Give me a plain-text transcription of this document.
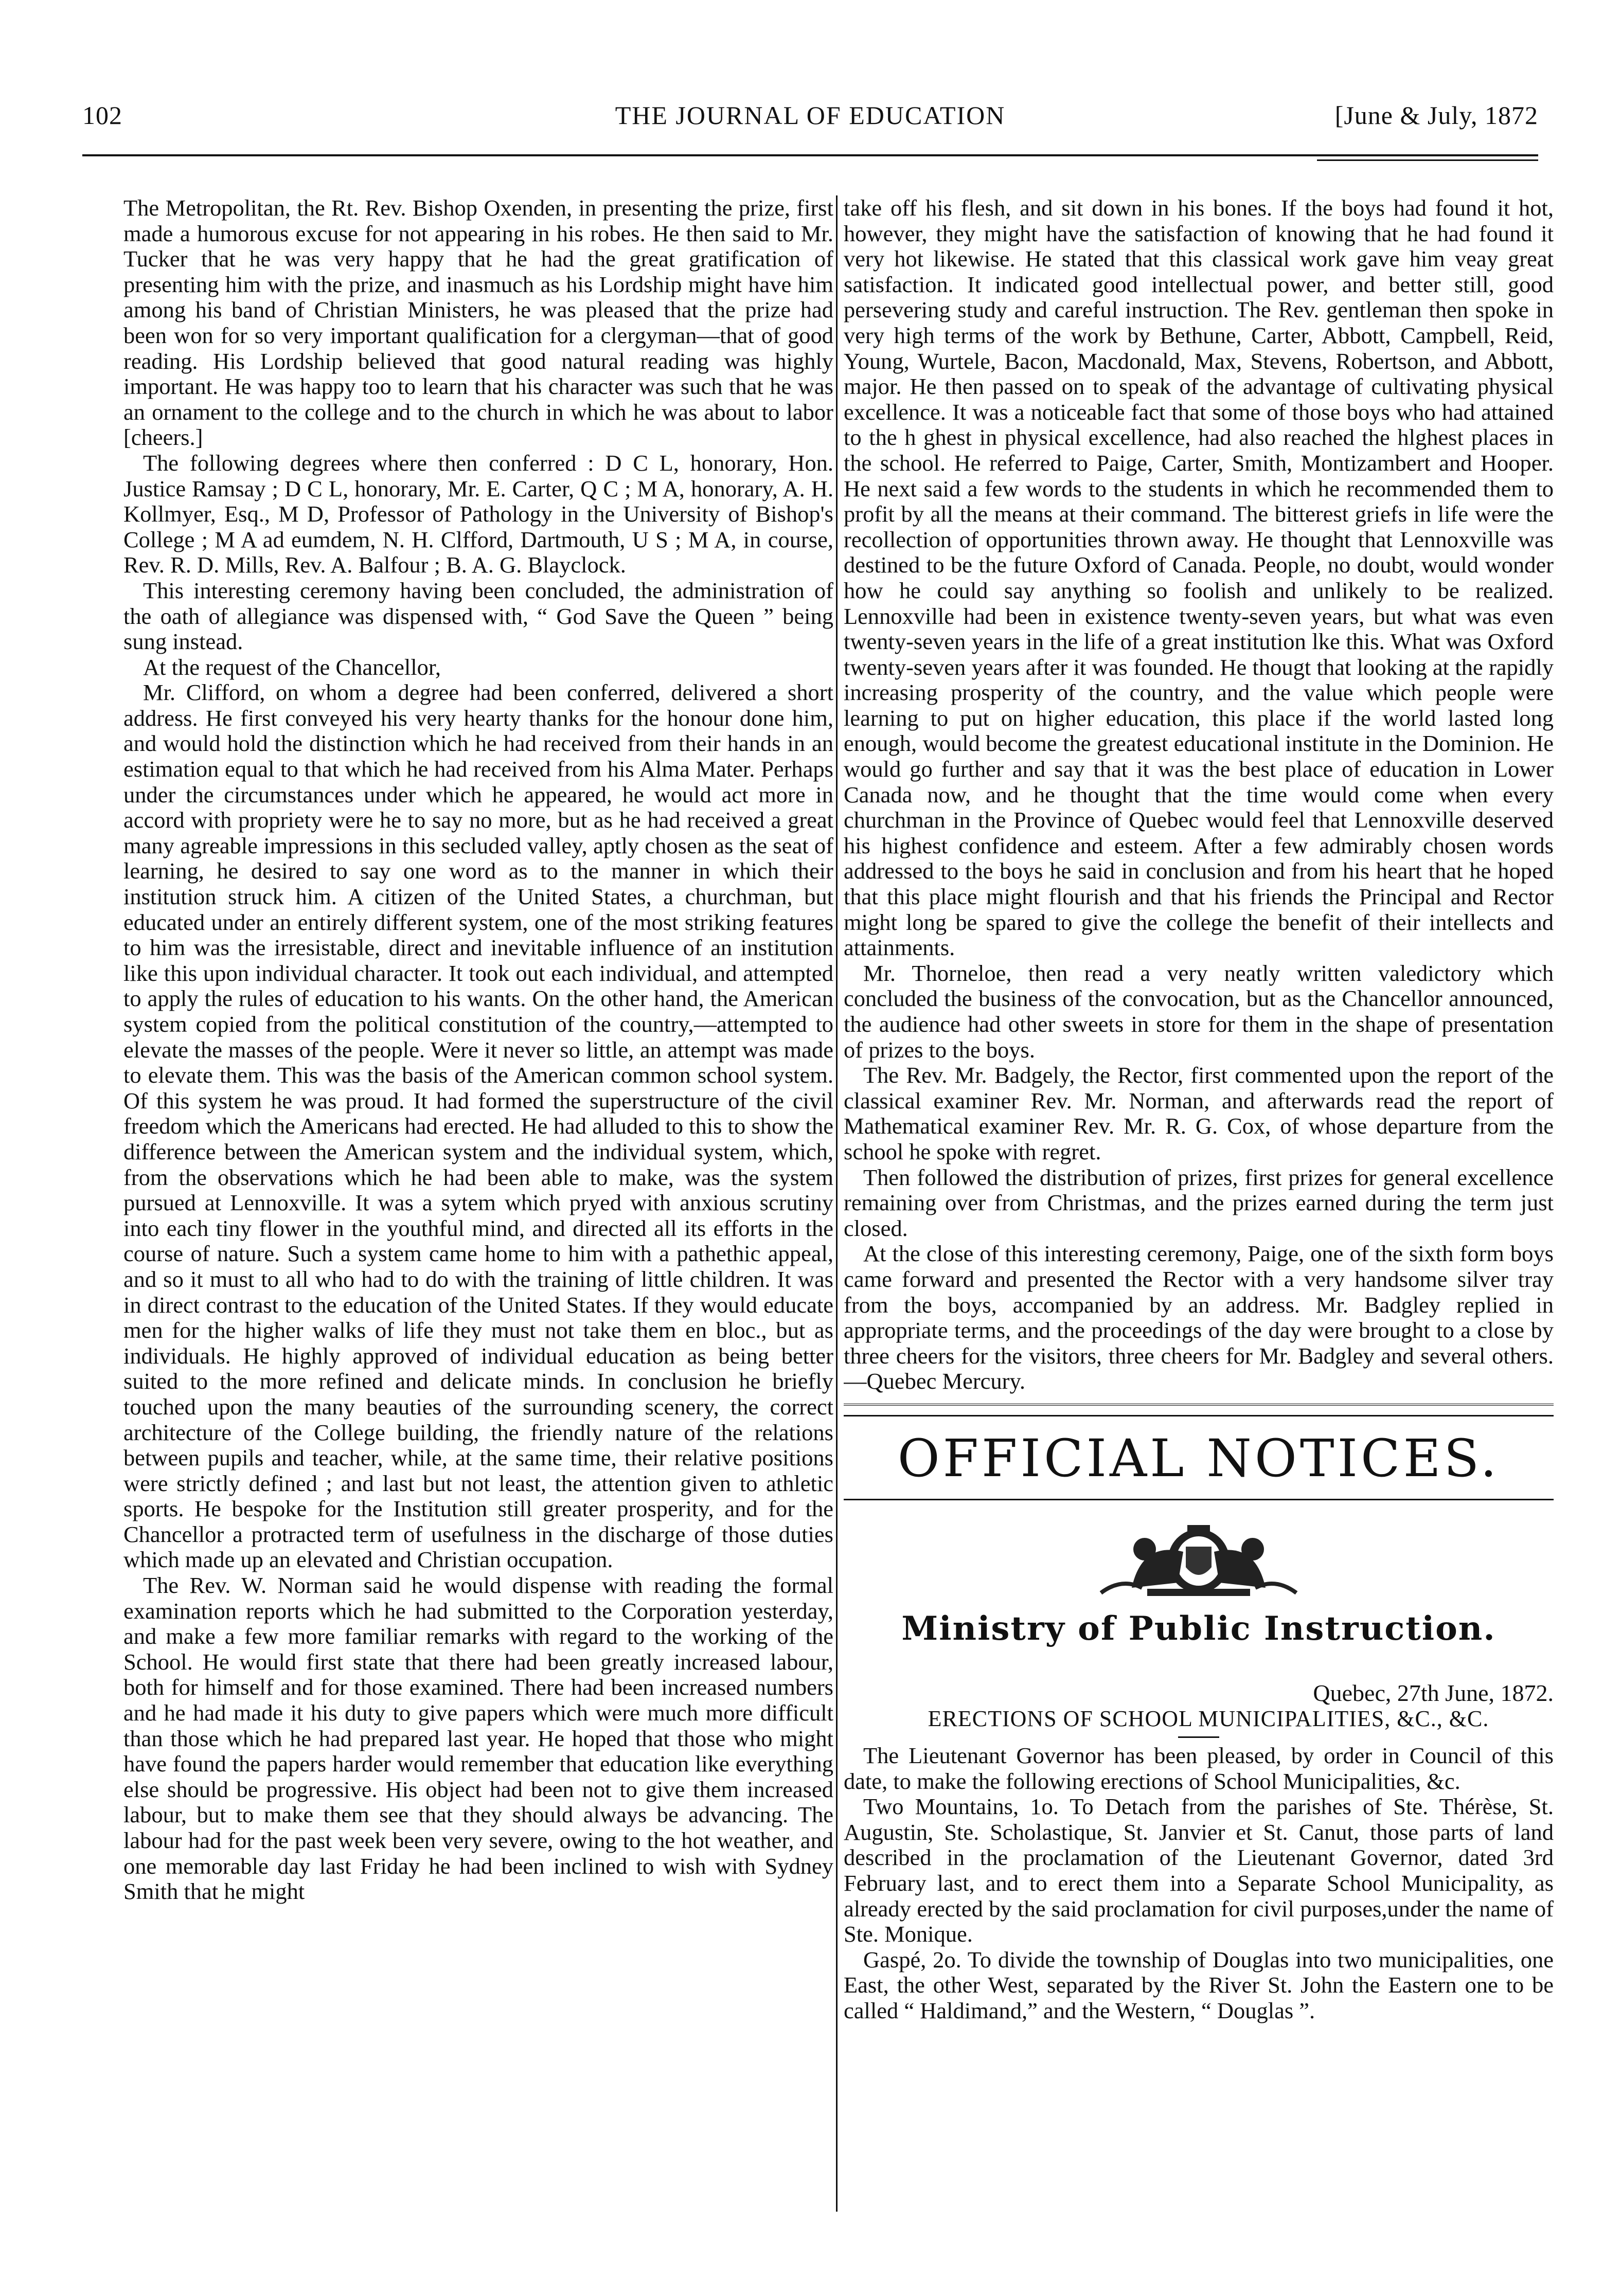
102	THE JOURNAL OF EDUCATION	[June & July, 1872

The Metropolitan, the Rt. Rev. Bishop Oxenden, in presenting the prize, first made a humorous excuse for not appearing in his robes. He then said to Mr. Tucker that he was very happy that he had the great gratification of presenting him with the prize, and inasmuch as his Lordship might have him among his band of Christian Ministers, he was pleased that the prize had been won for so very important qualification for a clergyman—that of good reading. His Lordship believed that good natural reading was highly important. He was happy too to learn that his character was such that he was an ornament to the college and to the church in which he was about to labor [cheers.]

The following degrees where then conferred : D C L, honorary, Hon. Justice Ramsay ; D C L, honorary, Mr. E. Carter, Q C ; M A, honorary, A. H. Kollmyer, Esq., M D, Professor of Pathology in the University of Bishop's College ; M A ad eumdem, N. H. Clfford, Dartmouth, U S ; M A, in course, Rev. R. D. Mills, Rev. A. Balfour ; B. A. G. Blayclock.

This interesting ceremony having been concluded, the administration of the oath of allegiance was dispensed with, “ God Save the Queen ” being sung instead.

At the request of the Chancellor,

Mr. Clifford, on whom a degree had been conferred, delivered a short address. He first conveyed his very hearty thanks for the honour done him, and would hold the distinction which he had received from their hands in an estimation equal to that which he had received from his Alma Mater. Perhaps under the circumstances under which he appeared, he would act more in accord with propriety were he to say no more, but as he had received a great many agreable impressions in this secluded valley, aptly chosen as the seat of learning, he desired to say one word as to the manner in which their institution struck him. A citizen of the United States, a churchman, but educated under an entirely different system, one of the most striking features to him was the irresistable, direct and inevitable influence of an institution like this upon individual character. It took out each individual, and attempted to apply the rules of education to his wants. On the other hand, the American system copied from the political constitution of the country,—attempted to elevate the masses of the people. Were it never so little, an attempt was made to elevate them. This was the basis of the American common school system. Of this system he was proud. It had formed the superstructure of the civil freedom which the Americans had erected. He had alluded to this to show the difference between the American system and the individual system, which, from the observations which he had been able to make, was the system pursued at Lennoxville. It was a sytem which pryed with anxious scrutiny into each tiny flower in the youthful mind, and directed all its efforts in the course of nature. Such a system came home to him with a pathethic appeal, and so it must to all who had to do with the training of little children. It was in direct contrast to the education of the United States. If they would educate men for the higher walks of life they must not take them en bloc., but as individuals. He highly approved of individual education as being better suited to the more refined and delicate minds. In conclusion he briefly touched upon the many beauties of the surrounding scenery, the correct architecture of the College building, the friendly nature of the relations between pupils and teacher, while, at the same time, their relative positions were strictly defined ; and last but not least, the attention given to athletic sports. He bespoke for the Institution still greater prosperity, and for the Chancellor a protracted term of usefulness in the discharge of those duties which made up an elevated and Christian occupation.

The Rev. W. Norman said he would dispense with reading the formal examination reports which he had submitted to the Corporation yesterday, and make a few more familiar remarks with regard to the working of the School. He would first state that there had been greatly increased labour, both for himself and for those examined. There had been increased numbers and he had made it his duty to give papers which were much more difficult than those which he had prepared last year. He hoped that those who might have found the papers harder would remember that education like everything else should be progressive. His object had been not to give them increased labour, but to make them see that they should always be advancing. The labour had for the past week been very severe, owing to the hot weather, and one memorable day last Friday he had been inclined to wish with Sydney Smith that he might

take off his flesh, and sit down in his bones. If the boys had found it hot, however, they might have the satisfaction of knowing that he had found it very hot likewise. He stated that this classical work gave him veay great satisfaction. It indicated good intellectual power, and better still, good persevering study and careful instruction. The Rev. gentleman then spoke in very high terms of the work by Bethune, Carter, Abbott, Campbell, Reid, Young, Wurtele, Bacon, Macdonald, Max, Stevens, Robertson, and Abbott, major. He then passed on to speak of the advantage of cultivating physical excellence. It was a noticeable fact that some of those boys who had attained to the h ghest in physical excellence, had also reached the hlghest places in the school. He referred to Paige, Carter, Smith, Montizambert and Hooper. He next said a few words to the students in which he recommended them to profit by all the means at their command. The bitterest griefs in life were the recollection of opportunities thrown away. He thought that Lennoxville was destined to be the future Oxford of Canada. People, no doubt, would wonder how he could say anything so foolish and unlikely to be realized. Lennoxville had been in existence twenty-seven years, but what was even twenty-seven years in the life of a great institution lke this. What was Oxford twenty-seven years after it was founded. He thougt that looking at the rapidly increasing prosperity of the country, and the value which people were learning to put on higher education, this place if the world lasted long enough, would become the greatest educational institute in the Dominion. He would go further and say that it was the best place of education in Lower Canada now, and he thought that the time would come when every churchman in the Province of Quebec would feel that Lennoxville deserved his highest confidence and esteem. After a few admirably chosen words addressed to the boys he said in conclusion and from his heart that he hoped that this place might flourish and that his friends the Principal and Rector might long be spared to give the college the benefit of their intellects and attainments.

Mr. Thorneloe, then read a very neatly written valedictory which concluded the business of the convocation, but as the Chancellor announced, the audience had other sweets in store for them in the shape of presentation of prizes to the boys.

The Rev. Mr. Badgely, the Rector, first commented upon the report of the classical examiner Rev. Mr. Norman, and afterwards read the report of Mathematical examiner Rev. Mr. R. G. Cox, of whose departure from the school he spoke with regret.

Then followed the distribution of prizes, first prizes for general excellence remaining over from Christmas, and the prizes earned during the term just closed.

At the close of this interesting ceremony, Paige, one of the sixth form boys came forward and presented the Rector with a very handsome silver tray from the boys, accompanied by an address. Mr. Badgley replied in appropriate terms, and the proceedings of the day were brought to a close by three cheers for the visitors, three cheers for Mr. Badgley and several others.—Quebec Mercury.

OFFICIAL NOTICES.
Ministry of Public Instruction.

Quebec, 27th June, 1872.

ERECTIONS OF SCHOOL MUNICIPALITIES, &C., &C.

The Lieutenant Governor has been pleased, by order in Council of this date, to make the following erections of School Municipalities, &c.

Two Mountains, 1o. To Detach from the parishes of Ste. Thérèse, St. Augustin, Ste. Scholastique, St. Janvier et St. Canut, those parts of land described in the proclamation of the Lieutenant Governor, dated 3rd February last, and to erect them into a Separate School Municipality, as already erected by the said proclamation for civil purposes,under the name of Ste. Monique.

Gaspé, 2o. To divide the township of Douglas into two municipalities, one East, the other West, separated by the River St. John the Eastern one to be called “ Haldimand,” and the Western, “ Douglas ”.
